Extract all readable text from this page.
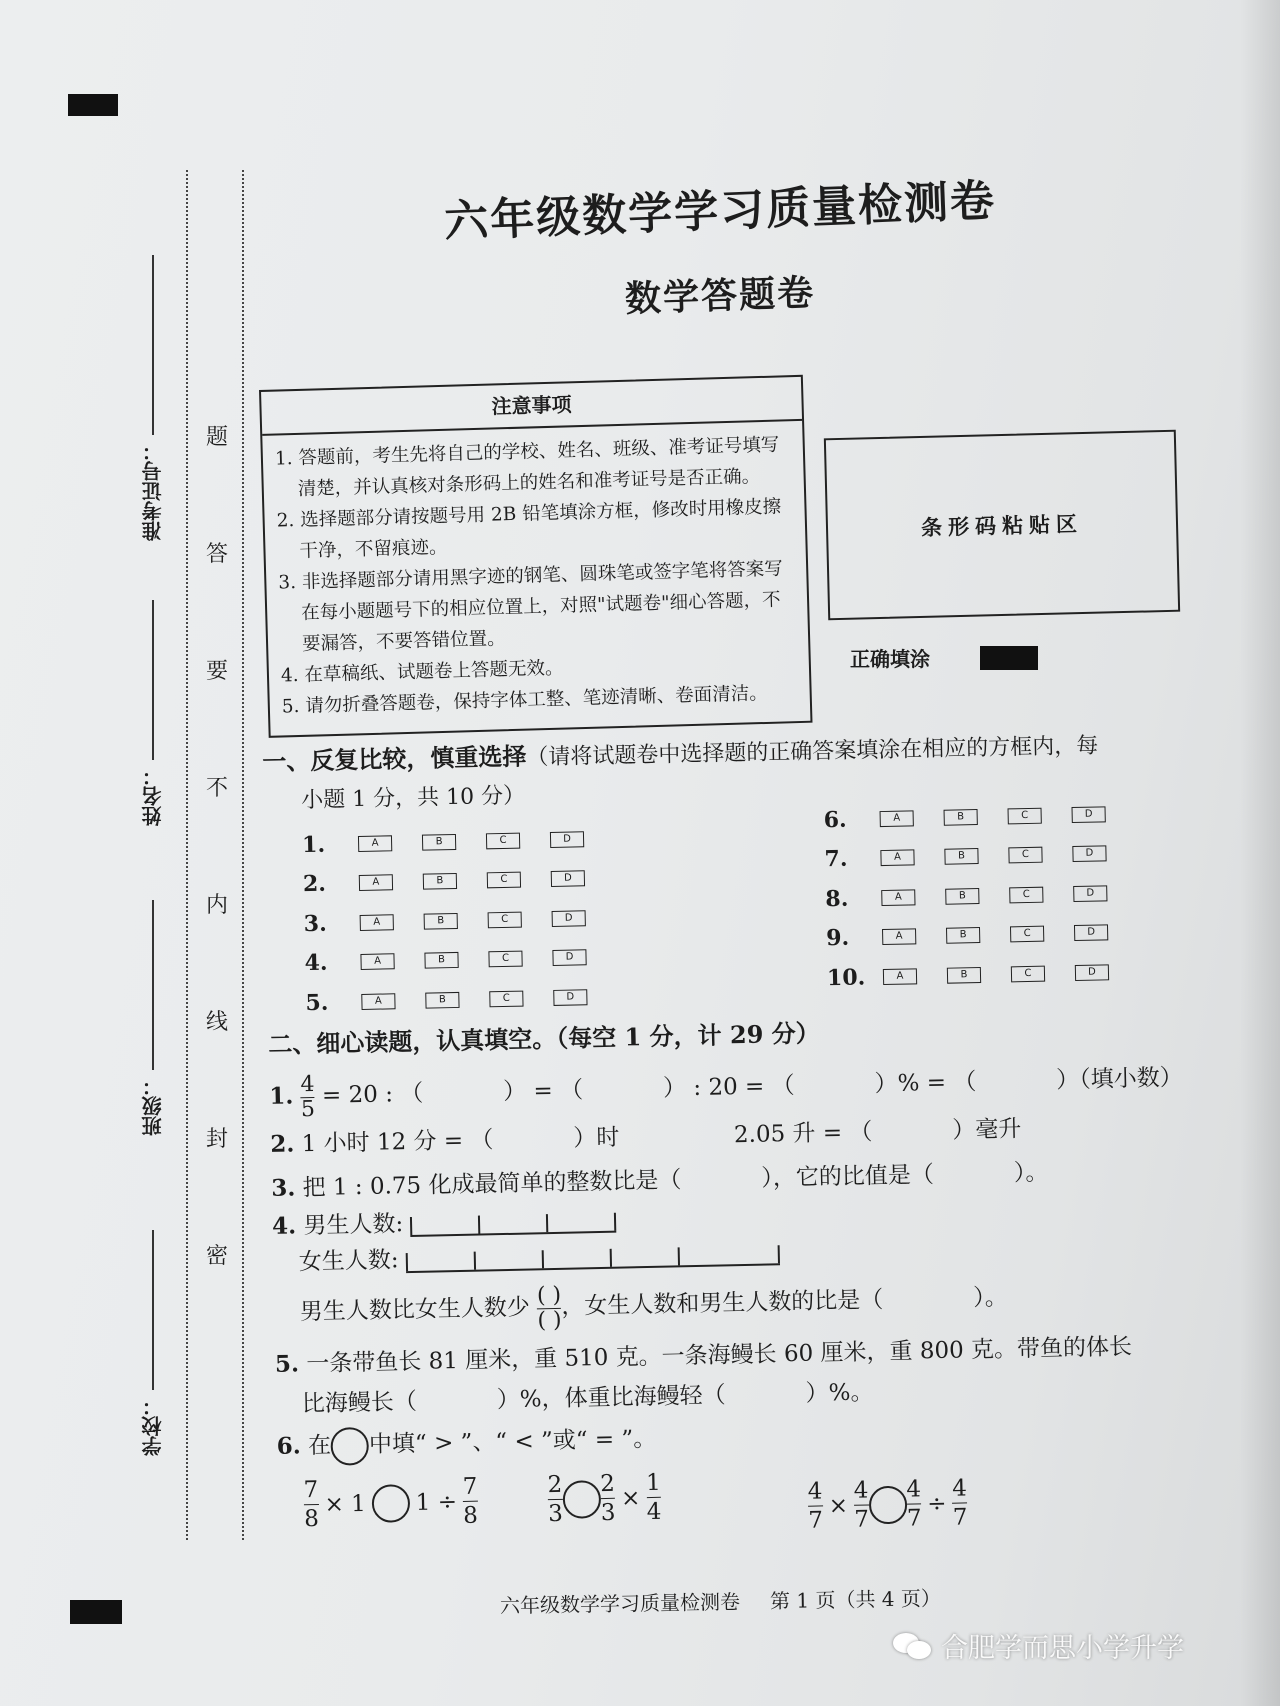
准考证号：
姓名：
班级：
学校：
题
答
要
不
内
线
封
密
六年级数学学习质量检测卷
数学答题卷
注意事项
1. 答题前，考生先将自己的学校、姓名、班级、准考证号填写清楚，并认真核对条形码上的姓名和准考证号是否正确。
2. 选择题部分请按题号用 2B 铅笔填涂方框，修改时用橡皮擦干净，不留痕迹。
3. 非选择题部分请用黑字迹的钢笔、圆珠笔或签字笔将答案写在每小题题号下的相应位置上，对照"试题卷"细心答题，不要漏答，不要答错位置。
4. 在草稿纸、试题卷上答题无效。
5. 请勿折叠答题卷，保持字体工整、笔迹清晰、卷面清洁。
条形码粘贴区
正确填涂
一、反复比较，慎重选择（请将试题卷中选择题的正确答案填涂在相应的方框内，每
小题 1 分，共 10 分）
1.	A	B	C	D
2.	A	B	C	D
3.	A	B	C	D
4.	A	B	C	D
5.	A	B	C	D
6.	A	B	C	D
7.	A	B	C	D
8.	A	B	C	D
9.	A	B	C	D
10.	A	B	C	D
二、细心读题，认真填空。（每空 1 分，计 29 分）
1. $\frac{4}{5} = 20$ : （	） = （	） : 20 = （	）% = （	）（填小数）
2. 1 小时 12 分 = （	）时	2.05 升 = （	）毫升
3. 把 1 : 0.75 化成最简单的整数比是（	），它的比值是（	）。
4. 男生人数:
女生人数:
男生人数比女生人数少 $\frac{( )}{( )}$ ，女生人数和男生人数的比是（	）。
5. 一条带鱼长 81 厘米，重 510 克。一条海鳗长 60 厘米，重 800 克。带鱼的体长
比海鳗长（	）%，体重比海鳗轻（	）%。
6. 在 中填“ > ”、“ < ”或“ = ”。
$\frac{7}{8} \times 1$ $1 \div \frac{7}{8}$	$\frac{2}{3} \frac{2}{3} \times \frac{1}{4}$	$\frac{4}{7} \times \frac{4}{7} \frac{4}{7} \div \frac{4}{7}$
六年级数学学习质量检测卷 第 1 页（共 4 页）
合肥学而思小学升学
